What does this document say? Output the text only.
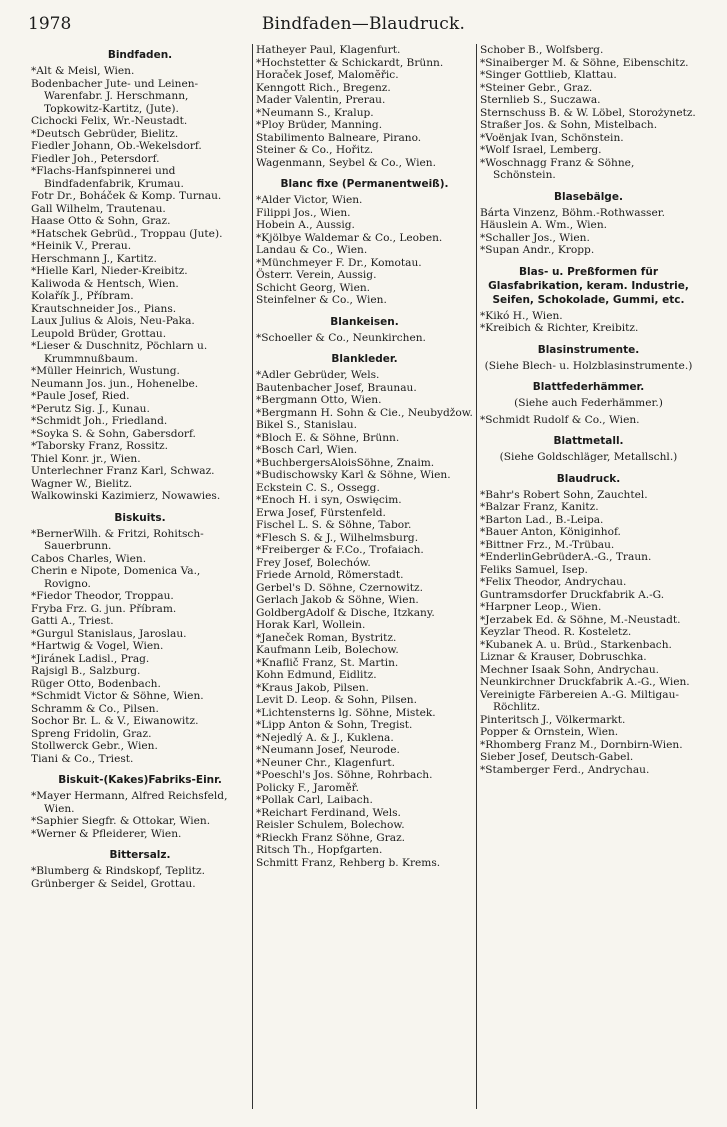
1978	Bindfaden—Blaudruck.
Bindfaden.
*Alt & Meisl, Wien.
Bodenbacher Jute- und Leinen-Warenfabr. J. Herschmann, Topkowitz-Kartitz, (Jute).
Cichocki Felix, Wr.-Neustadt.
*Deutsch Gebrüder, Bielitz.
Fiedler Johann, Ob.-Wekelsdorf.
Fiedler Joh., Petersdorf.
*Flachs-Hanfspinnerei und Bindfadenfabrik, Krumau.
Fotr Dr., Boháček & Komp. Turnau.
Gall Wilhelm, Trautenau.
Haase Otto & Sohn, Graz.
*Hatschek Gebrüd., Troppau (Jute).
*Heinik V., Prerau.
Herschmann J., Kartitz.
*Hielle Karl, Nieder-Kreibitz.
Kaliwoda & Hentsch, Wien.
Kolařík J., Příbram.
Krautschneider Jos., Pians.
Laux Julius & Alois, Neu-Paka.
Leupold Brüder, Grottau.
*Lieser & Duschnitz, Pöchlarn u. Krummnußbaum.
*Müller Heinrich, Wustung.
Neumann Jos. jun., Hohenelbe.
*Paule Josef, Ried.
*Perutz Sig. J., Kunau.
*Schmidt Joh., Friedland.
*Soyka S. & Sohn, Gabersdorf.
*Taborsky Franz, Rossitz.
Thiel Konr. jr., Wien.
Unterlechner Franz Karl, Schwaz.
Wagner W., Bielitz.
Walkowinski Kazimierz, Nowawies.
Biskuits.
*BernerWilh. & Fritzi, Rohitsch-Sauerbrunn.
Cabos Charles, Wien.
Cherin e Nipote, Domenica Va., Rovigno.
*Fiedor Theodor, Troppau.
Fryba Frz. G. jun. Příbram.
Gatti A., Triest.
*Gurgul Stanislaus, Jaroslau.
*Hartwig & Vogel, Wien.
*Jiránek Ladisl., Prag.
Rajsigl B., Salzburg.
Rüger Otto, Bodenbach.
*Schmidt Victor & Söhne, Wien.
Schramm & Co., Pilsen.
Sochor Br. L. & V., Eiwanowitz.
Spreng Fridolin, Graz.
Stollwerck Gebr., Wien.
Tiani & Co., Triest.
Biskuit-(Kakes)Fabriks-Einr.
*Mayer Hermann, Alfred Reichsfeld, Wien.
*Saphier Siegfr. & Ottokar, Wien.
*Werner & Pfleiderer, Wien.
Bittersalz.
*Blumberg & Rindskopf, Teplitz.
Grünberger & Seidel, Grottau.
Hatheyer Paul, Klagenfurt.
*Hochstetter & Schickardt, Brünn.
Horaček Josef, Malomĕřic.
Kenngott Rich., Bregenz.
Mader Valentin, Prerau.
*Neumann S., Kralup.
*Ploy Brüder, Manning.
Stabilimento Balneare, Pirano.
Steiner & Co., Hořitz.
Wagenmann, Seybel & Co., Wien.
Blanc fixe (Permanentweiß).
*Alder Victor, Wien.
Filippi Jos., Wien.
Hobein A., Aussig.
*Kjölbye Waldemar & Co., Leoben.
Landau & Co., Wien.
*Münchmeyer F. Dr., Komotau.
Österr. Verein, Aussig.
Schicht Georg, Wien.
Steinfelner & Co., Wien.
Blankeisen.
*Schoeller & Co., Neunkirchen.
Blankleder.
*Adler Gebrüder, Wels.
Bautenbacher Josef, Braunau.
*Bergmann Otto, Wien.
*Bergmann H. Sohn & Cie., Neubydžow.
Bikel S., Stanislau.
*Bloch E. & Söhne, Brünn.
*Bosch Carl, Wien.
*BuchbergersAloisSöhne, Znaim.
*Budischowsky Karl & Söhne, Wien.
Eckstein C. S., Ossegg.
*Enoch H. i syn, Oswięcim.
Erwa Josef, Fürstenfeld.
Fischel L. S. & Söhne, Tabor.
*Flesch S. & J., Wilhelmsburg.
*Freiberger & F.Co., Trofaiach.
Frey Josef, Bolechów.
Friede Arnold, Römerstadt.
Gerbel's D. Söhne, Czernowitz.
Gerlach Jakob & Söhne, Wien.
GoldbergAdolf & Dische, Itzkany.
Horak Karl, Wollein.
*Janeček Roman, Bystritz.
Kaufmann Leib, Bolechow.
*Knaflič Franz, St. Martin.
Kohn Edmund, Eidlitz.
*Kraus Jakob, Pilsen.
Levit D. Leop. & Sohn, Pilsen.
*Lichtensterns lg. Söhne, Mistek.
*Lipp Anton & Sohn, Tregist.
*Nejedlý A. & J., Kuklena.
*Neumann Josef, Neurode.
*Neuner Chr., Klagenfurt.
*Poeschl's Jos. Söhne, Rohrbach.
Policky F., Jaroměř.
*Pollak Carl, Laibach.
*Reichart Ferdinand, Wels.
Reisler Schulem, Bolechow.
*Rieckh Franz Söhne, Graz.
Ritsch Th., Hopfgarten.
Schmitt Franz, Rehberg b. Krems.
Schober B., Wolfsberg.
*Sinaiberger M. & Söhne, Eibenschitz.
*Singer Gottlieb, Klattau.
*Steiner Gebr., Graz.
Sternlieb S., Suczawa.
Sternschuss B. & W. Löbel, Storożynetz.
Straßer Jos. & Sohn, Mistelbach.
*Voënjak Ivan, Schönstein.
*Wolf Israel, Lemberg.
*Woschnagg Franz & Söhne, Schönstein.
Blasebälge.
Bárta Vinzenz, Böhm.-Rothwasser.
Häuslein A. Wm., Wien.
*Schaller Jos., Wien.
*Supan Andr., Kropp.
Blas- u. Preßformen für Glasfabrikation, keram. Industrie, Seifen, Schokolade, Gummi, etc.
*Kikó H., Wien.
*Kreibich & Richter, Kreibitz.
Blasinstrumente.
(Siehe Blech- u. Holzblasinstrumente.)
Blattfederhämmer.
(Siehe auch Federhämmer.)
*Schmidt Rudolf & Co., Wien.
Blattmetall.
(Siehe Goldschläger, Metallschl.)
Blaudruck.
*Bahr's Robert Sohn, Zauchtel.
*Balzar Franz, Kanitz.
*Barton Lad., B.-Leipa.
*Bauer Anton, Königinhof.
*Bittner Frz., M.-Trübau.
*EnderlinGebrüderA.-G., Traun.
Feliks Samuel, Isep.
*Felix Theodor, Andrychau.
Guntramsdorfer Druckfabrik A.-G.
*Harpner Leop., Wien.
*Jerzabek Ed. & Söhne, M.-Neustadt.
Keyzlar Theod. R. Kosteletz.
*Kubanek A. u. Brüd., Starkenbach.
Liznar & Krauser, Dobruschka.
Mechner Isaak Sohn, Andrychau.
Neunkirchner Druckfabrik A.-G., Wien.
Vereinigte Färbereien A.-G. Miltigau-Röchlitz.
Pinteritsch J., Völkermarkt.
Popper & Ornstein, Wien.
*Rhomberg Franz M., Dornbirn-Wien.
Sieber Josef, Deutsch-Gabel.
*Stamberger Ferd., Andrychau.
